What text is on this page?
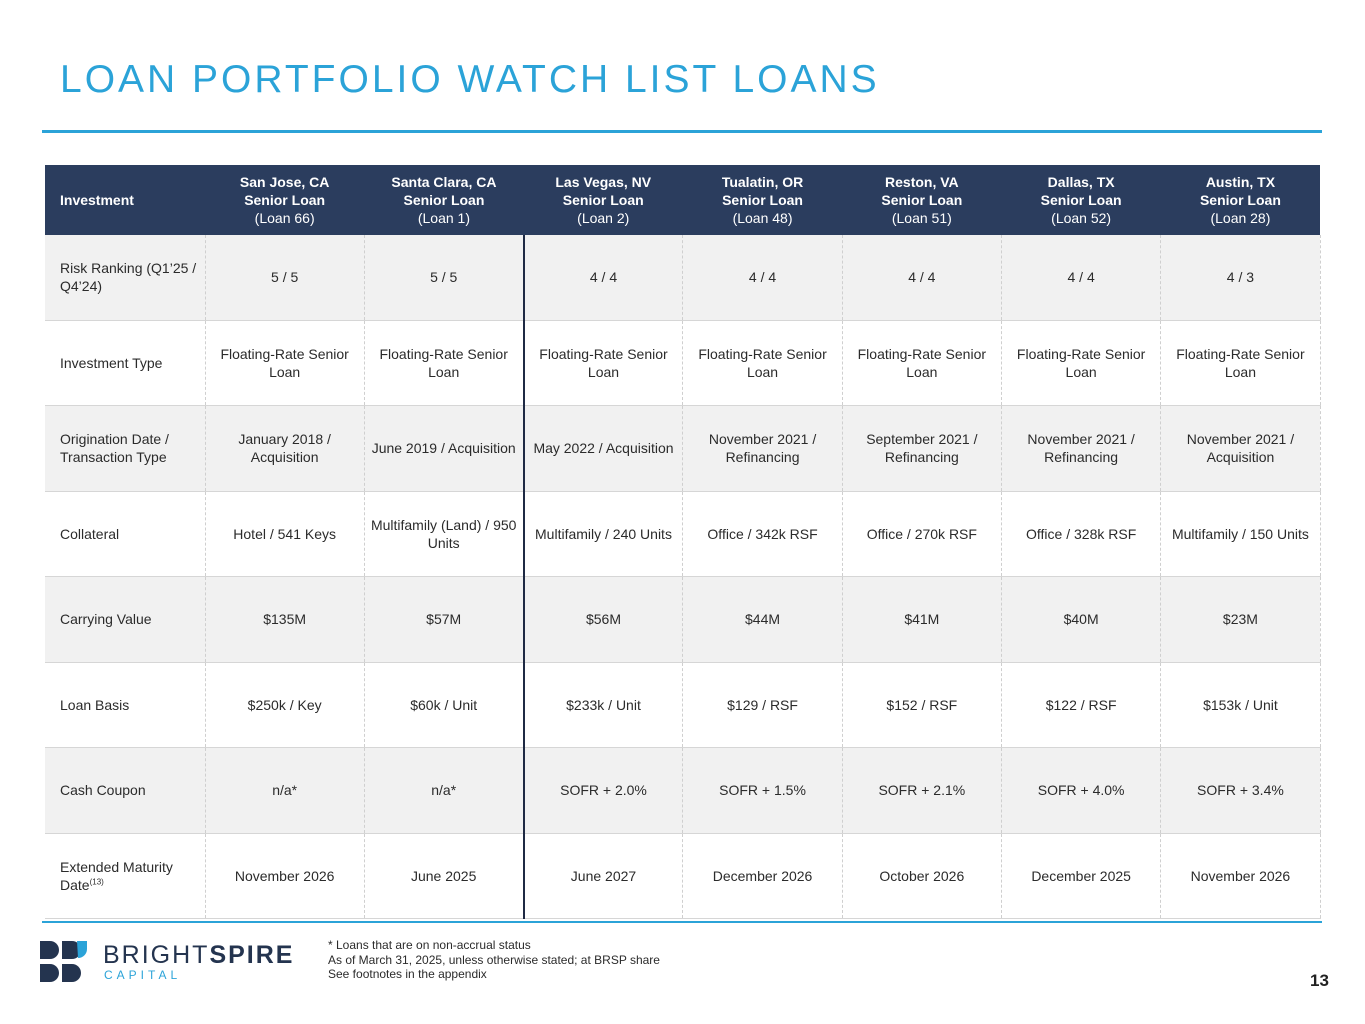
LOAN PORTFOLIO WATCH LIST LOANS
Investment	San Jose, CA
Senior Loan
(Loan 66)	Santa Clara, CA
Senior Loan
(Loan 1)	Las Vegas, NV
Senior Loan
(Loan 2)	Tualatin, OR
Senior Loan
(Loan 48)	Reston, VA
Senior Loan
(Loan 51)	Dallas, TX
Senior Loan
(Loan 52)	Austin, TX
Senior Loan
(Loan 28)

Risk Ranking (Q1’25 / Q4’24)	5 / 5	5 / 5	4 / 4	4 / 4	4 / 4	4 / 4	4 / 3
Investment Type	Floating-Rate Senior Loan	Floating-Rate Senior Loan	Floating-Rate Senior Loan	Floating-Rate Senior Loan	Floating-Rate Senior Loan	Floating-Rate Senior Loan	Floating-Rate Senior Loan
Origination Date / Transaction Type	January 2018 / Acquisition	June 2019 / Acquisition	May 2022 / Acquisition	November 2021 / Refinancing	September 2021 / Refinancing	November 2021 / Refinancing	November 2021 / Acquisition
Collateral	Hotel / 541 Keys	Multifamily (Land) / 950 Units	Multifamily / 240 Units	Office / 342k RSF	Office / 270k RSF	Office / 328k RSF	Multifamily / 150 Units
Carrying Value	$135M	$57M	$56M	$44M	$41M	$40M	$23M
Loan Basis	$250k / Key	$60k / Unit	$233k / Unit	$129 / RSF	$152 / RSF	$122 / RSF	$153k / Unit
Cash Coupon	n/a*	n/a*	SOFR + 2.0%	SOFR + 1.5%	SOFR + 2.1%	SOFR + 4.0%	SOFR + 3.4%
Extended Maturity Date$^{(13)}$	November 2026	June 2025	June 2027	December 2026	October 2026	December 2025	November 2026
BRIGHTSPIRE
CAPITAL
* Loans that are on non-accrual status
As of March 31, 2025, unless otherwise stated; at BRSP share
See footnotes in the appendix	13
